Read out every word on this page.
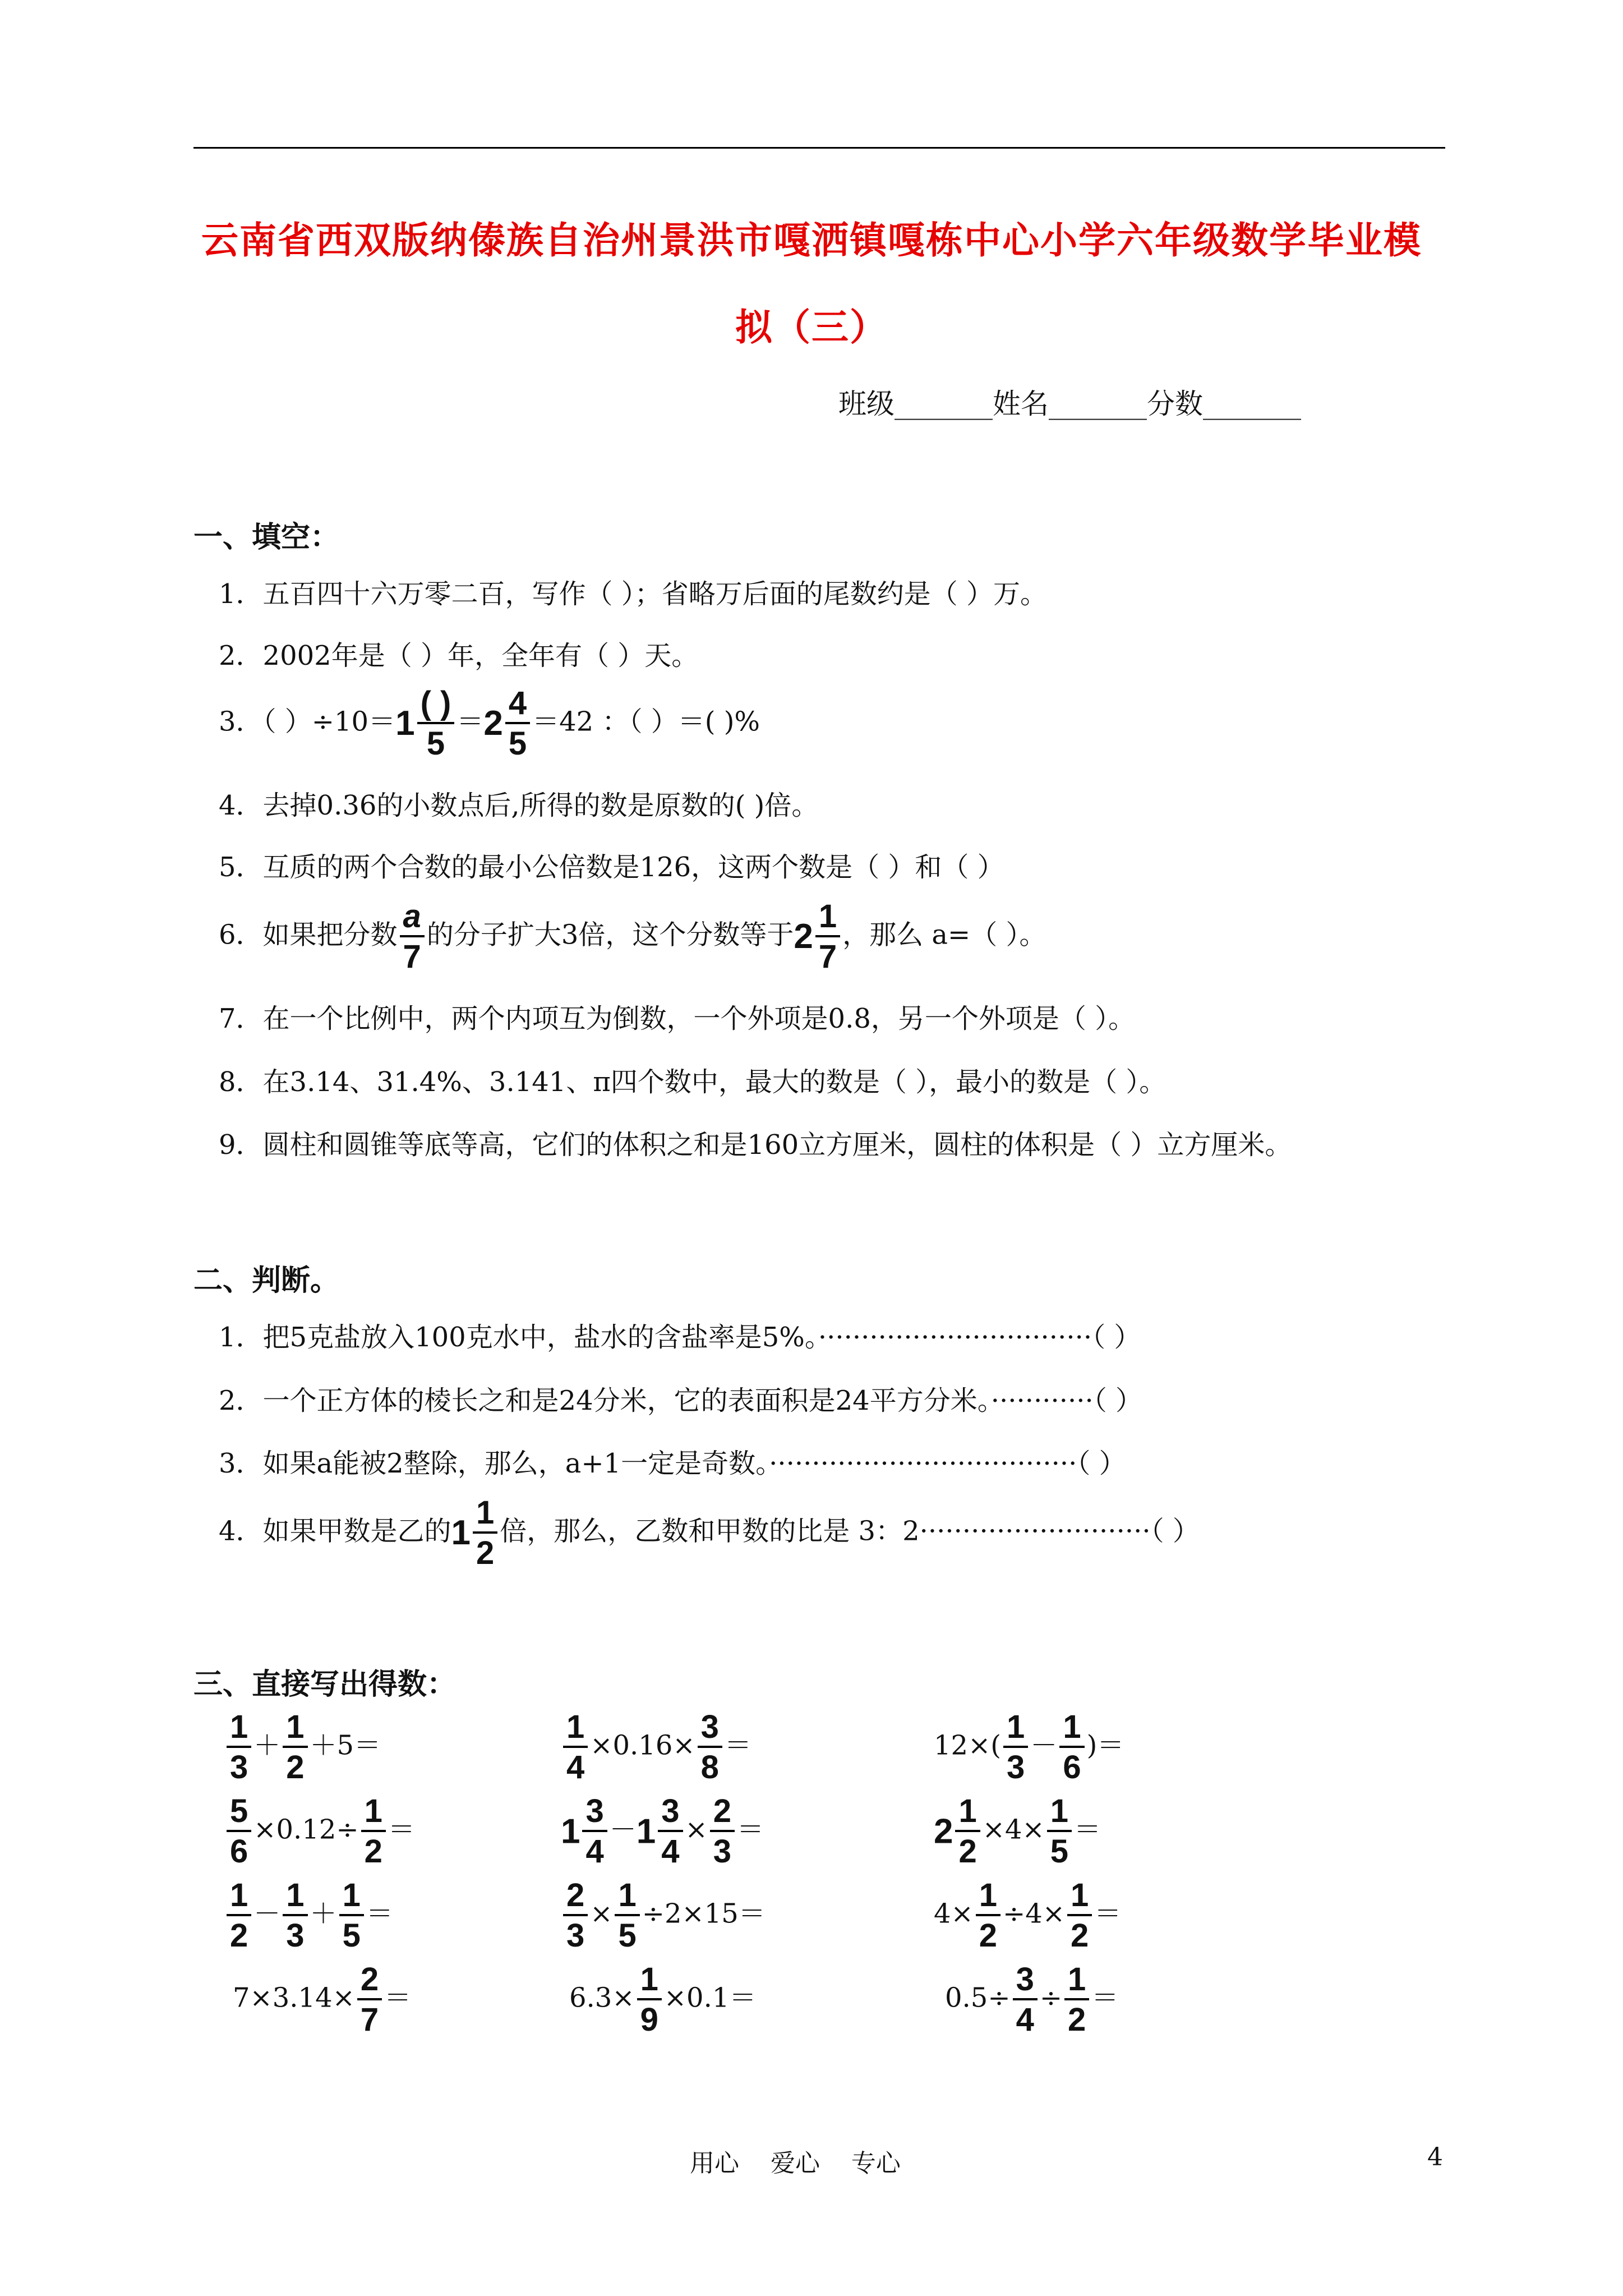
云南省西双版纳傣族自治州景洪市嘎洒镇嘎栋中心小学六年级数学毕业模
拟（三）
班级_______姓名_______分数_______
一、填空：
1．五百四十六万零二百，写作（ ）；省略万后面的尾数约是（ ）万。
2．2002年是（ ）年，全年有（ ）天。
3．（ ）$\div 10=1 \frac{( )}{5} =2 \frac{4}{5} =42$ ：（ ）＝( )%
4．去掉0.36的小数点后,所得的数是原数的( )倍。
5．互质的两个合数的最小公倍数是126，这两个数是（ ）和（ ）
6．如果把分数 $\frac{a}{7}$ 的分子扩大3倍，这个分数等于$2 \frac{1}{7}$ ，那么 a=（ ）。
7．在一个比例中，两个内项互为倒数，一个外项是0.8，另一个外项是（ ）。
8．在3.14、31.4%、3.141、π四个数中，最大的数是（ ），最小的数是（ ）。
9．圆柱和圆锥等底等高，它们的体积之和是160立方厘米，圆柱的体积是（ ）立方厘米。
二、判断。
1．把5克盐放入100克水中，盐水的含盐率是5%。································（ ）
2．一个正方体的棱长之和是24分米，它的表面积是24平方分米。············（ ）
3．如果a能被2整除，那么，a+1一定是奇数。····································（ ）
4．如果甲数是乙的$1 \frac{1}{2}$ 倍，那么，乙数和甲数的比是 3：2···························（ ）
三、直接写出得数：
$\frac{1}{3} + \frac{1}{2} +5=$	$\frac{1}{4} \times 0.16\times \frac{3}{8}$ ＝	$12\times( \frac{1}{3} - \frac{1}{6}$ )＝
$\frac{5}{6} \times 0.12\div \frac{1}{2}$ ＝	$1 \frac{3}{4} -1 \frac{3}{4} \times \frac{2}{3}$ ＝	$2 \frac{1}{2} \times 4\times \frac{1}{5}$ ＝
$\frac{1}{2} - \frac{1}{3} + \frac{1}{5}$ ＝	$\frac{2}{3} \times \frac{1}{5} \div 2\times 15=$	$4\times \frac{1}{2} \div 4\times \frac{1}{2}$ ＝
$7\times 3.14\times \frac{2}{7}$ ＝	$6.3\times \frac{1}{9} \times 0.1=$	$0.5\div \frac{3}{4} \div \frac{1}{2}$ ＝
用心    爱心    专心	4
